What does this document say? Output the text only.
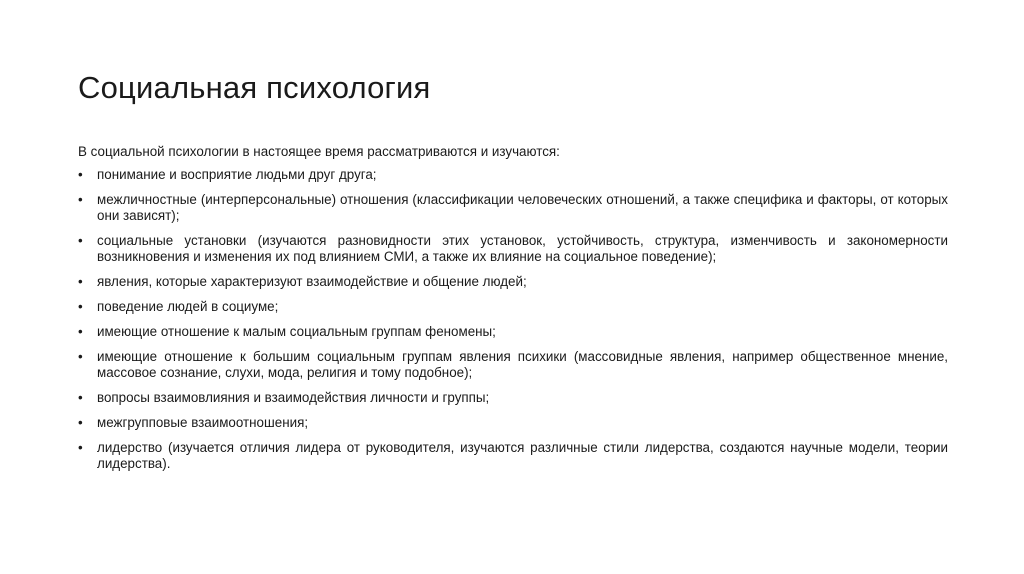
Социальная психология

В социальной психологии в настоящее время рассматриваются и изучаются:

•	понимание и восприятие людьми друг друга;
•	межличностные (интерперсональные) отношения (классификации человеческих отношений, а также специфика и факторы, от которых они зависят);
•	социальные установки (изучаются разновидности этих установок, устойчивость, структура, изменчивость и закономерности возникновения и изменения их под влиянием СМИ, а также их влияние на социальное поведение);
•	явления, которые характеризуют взаимодействие и общение людей;
•	поведение людей в социуме;
•	имеющие отношение к малым социальным группам феномены;
•	имеющие отношение к большим социальным группам явления психики (массовидные явления, например общественное мнение, массовое сознание, слухи, мода, религия и тому подобное);
•	вопросы взаимовлияния и взаимодействия личности и группы;
•	межгрупповые взаимоотношения;
•	лидерство (изучается отличия лидера от руководителя, изучаются различные стили лидерства, создаются научные модели, теории лидерства).
